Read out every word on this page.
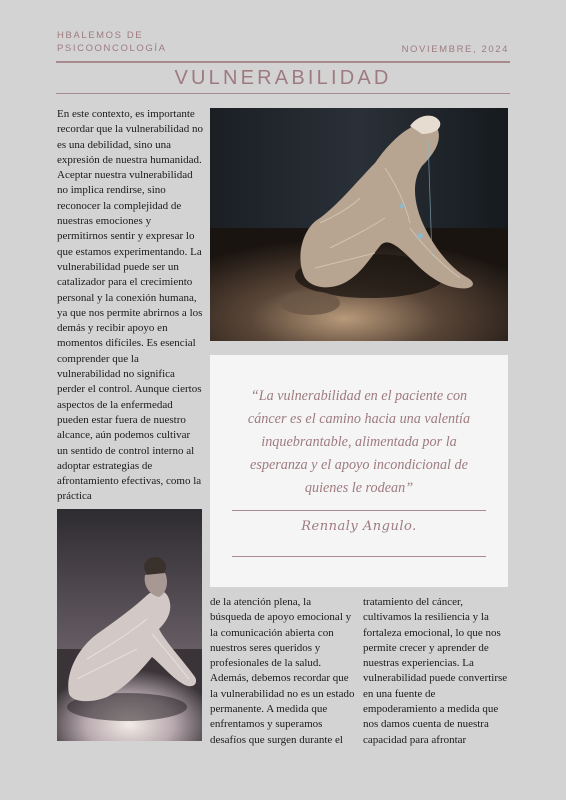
HBALEMOS DE PSICOONCOLOGÍA	NOVIEMBRE, 2024
VULNERABILIDAD

En este contexto, es importante recordar que la vulnerabilidad no es una debilidad, sino una expresión de nuestra humanidad. Aceptar nuestra vulnerabilidad no implica rendirse, sino reconocer la complejidad de nuestras emociones y permitirnos sentir y expresar lo que estamos experimentando. La vulnerabilidad puede ser un catalizador para el crecimiento personal y la conexión humana, ya que nos permite abrirnos a los demás y recibir apoyo en momentos difíciles. Es esencial comprender que la vulnerabilidad no significa perder el control. Aunque ciertos aspectos de la enfermedad pueden estar fuera de nuestro alcance, aún podemos cultivar un sentido de control interno al adoptar estrategias de afrontamiento efectivas, como la práctica

“La vulnerabilidad en el paciente con cáncer es el camino hacia una valentía inquebrantable, alimentada por la esperanza y el apoyo incondicional de quienes le rodean”

Rennaly Angulo.

de la atención plena, la búsqueda de apoyo emocional y la comunicación abierta con nuestros seres queridos y profesionales de la salud. Además, debemos recordar que la vulnerabilidad no es un estado permanente. A medida que enfrentamos y superamos desafíos que surgen durante el

tratamiento del cáncer, cultivamos la resiliencia y la fortaleza emocional, lo que nos permite crecer y aprender de nuestras experiencias. La vulnerabilidad puede convertirse en una fuente de empoderamiento a medida que nos damos cuenta de nuestra capacidad para afrontar
